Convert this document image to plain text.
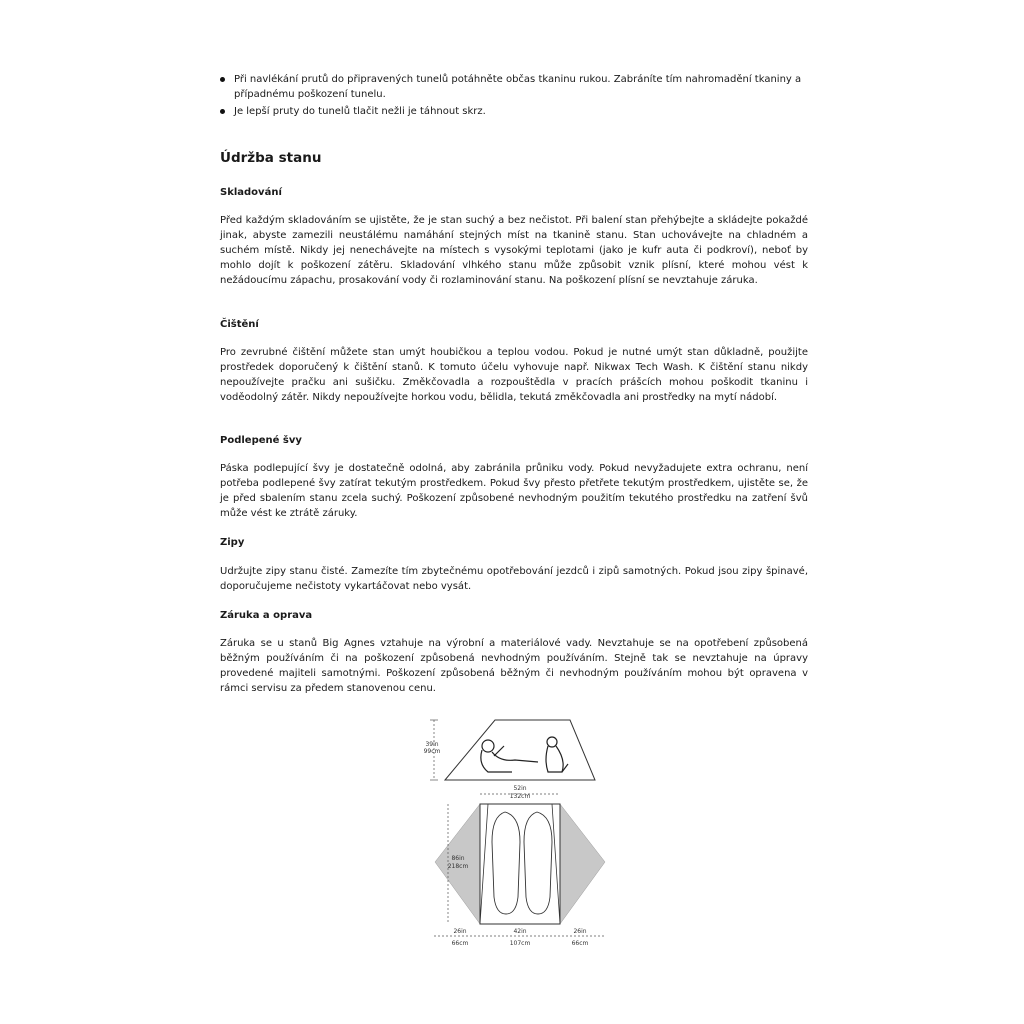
Při navlékání prutů do připravených tunelů potáhněte občas tkaninu rukou. Zabráníte tím nahromadění tkaniny a případnému poškození tunelu.
Je lepší pruty do tunelů tlačit nežli je táhnout skrz.
Údržba stanu
Skladování

Před každým skladováním se ujistěte, že je stan suchý a bez nečistot. Při balení stan přehýbejte a skládejte pokaždé jinak, abyste zamezili neustálému namáhání stejných míst na tkanině stanu. Stan uchovávejte na chladném a suchém místě. Nikdy jej nenechávejte na místech s vysokými teplotami (jako je kufr auta či podkroví), neboť by mohlo dojít k poškození zátěru. Skladování vlhkého stanu může způsobit vznik plísní, které mohou vést k nežádoucímu zápachu, prosakování vody či rozlaminování stanu. Na poškození plísní se nevztahuje záruka.

Čištění

Pro zevrubné čištění můžete stan umýt houbičkou a teplou vodou. Pokud je nutné umýt stan důkladně, použijte prostředek doporučený k čištění stanů. K tomuto účelu vyhovuje např. Nikwax Tech Wash. K čištění stanu nikdy nepoužívejte pračku ani sušičku. Změkčovadla a rozpouštědla v pracích prášcích mohou poškodit tkaninu i voděodolný zátěr. Nikdy nepoužívejte horkou vodu, bělidla, tekutá změkčovadla ani prostředky na mytí nádobí.

Podlepené švy

Páska podlepující švy je dostatečně odolná, aby zabránila průniku vody. Pokud nevyžadujete extra ochranu, není potřeba podlepené švy zatírat tekutým prostředkem. Pokud švy přesto přetřete tekutým prostředkem, ujistěte se, že je před sbalením stanu zcela suchý. Poškození způsobené nevhodným použitím tekutého prostředku na zatření švů může vést ke ztrátě záruky.

Zipy

Udržujte zipy stanu čisté. Zamezíte tím zbytečnému opotřebování jezdců i zipů samotných. Pokud jsou zipy špinavé, doporučujeme nečistoty vykartáčovat nebo vysát.

Záruka a oprava

Záruka se u stanů Big Agnes vztahuje na výrobní a materiálové vady. Nevztahuje se na opotřebení způsobená běžným používáním či na poškození způsobená nevhodným používáním. Stejně tak se nevztahuje na úpravy provedené majiteli samotnými. Poškození způsobená běžným či nevhodným používáním mohou být opravena v rámci servisu za předem stanovenou cenu.

39in
99cm
52in
132cm
86in
218cm
26in
66cm
42in
107cm
26in
66cm
